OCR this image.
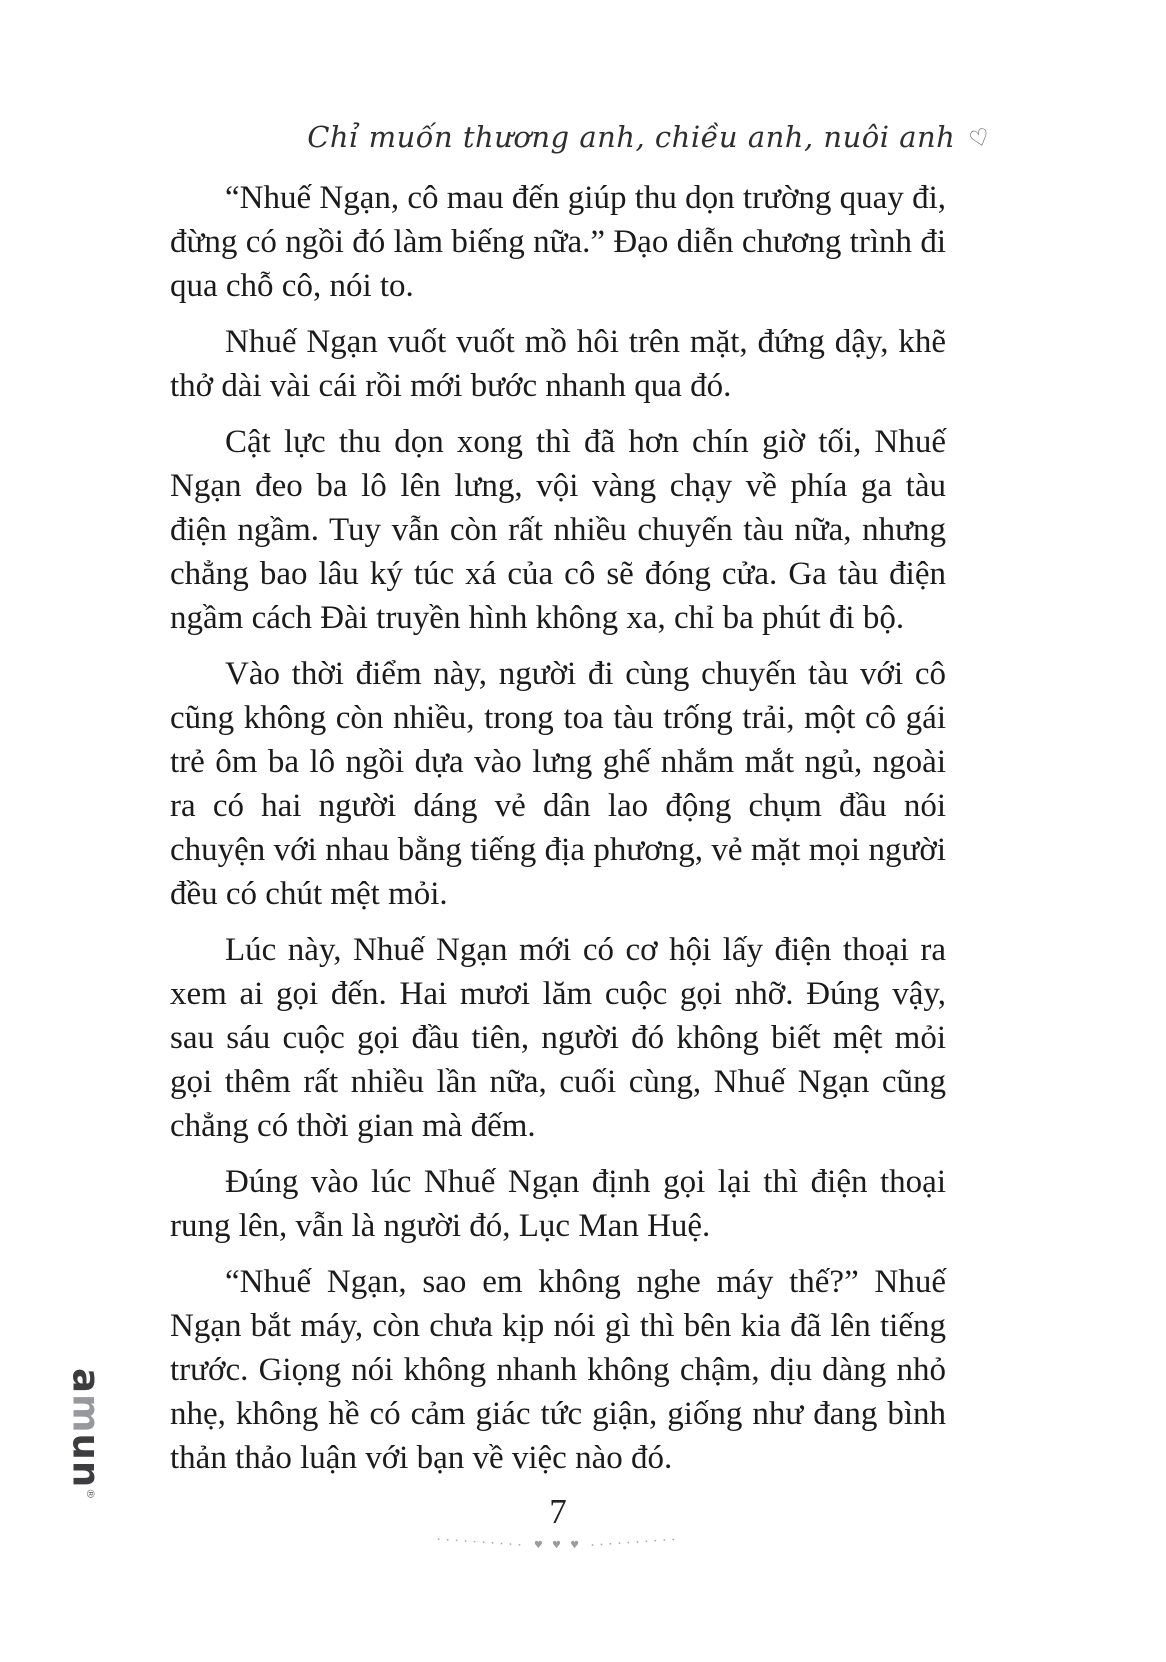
Chỉ muốn thương anh, chiều anh, nuôi anh ♡

“Nhuế Ngạn, cô mau đến giúp thu dọn trường quay đi, đừng có ngồi đó làm biếng nữa.” Đạo diễn chương trình đi qua chỗ cô, nói to.

Nhuế Ngạn vuốt vuốt mồ hôi trên mặt, đứng dậy, khẽ thở dài vài cái rồi mới bước nhanh qua đó.

Cật lực thu dọn xong thì đã hơn chín giờ tối, Nhuế Ngạn đeo ba lô lên lưng, vội vàng chạy về phía ga tàu điện ngầm. Tuy vẫn còn rất nhiều chuyến tàu nữa, nhưng chẳng bao lâu ký túc xá của cô sẽ đóng cửa. Ga tàu điện ngầm cách Đài truyền hình không xa, chỉ ba phút đi bộ.

Vào thời điểm này, người đi cùng chuyến tàu với cô cũng không còn nhiều, trong toa tàu trống trải, một cô gái trẻ ôm ba lô ngồi dựa vào lưng ghế nhắm mắt ngủ, ngoài ra có hai người dáng vẻ dân lao động chụm đầu nói chuyện với nhau bằng tiếng địa phương, vẻ mặt mọi người đều có chút mệt mỏi.

Lúc này, Nhuế Ngạn mới có cơ hội lấy điện thoại ra xem ai gọi đến. Hai mươi lăm cuộc gọi nhỡ. Đúng vậy, sau sáu cuộc gọi đầu tiên, người đó không biết mệt mỏi gọi thêm rất nhiều lần nữa, cuối cùng, Nhuế Ngạn cũng chẳng có thời gian mà đếm.

Đúng vào lúc Nhuế Ngạn định gọi lại thì điện thoại rung lên, vẫn là người đó, Lục Man Huệ.

“Nhuế Ngạn, sao em không nghe máy thế?” Nhuế Ngạn bắt máy, còn chưa kịp nói gì thì bên kia đã lên tiếng trước. Giọng nói không nhanh không chậm, dịu dàng nhỏ nhẹ, không hề có cảm giác tức giận, giống như đang bình thản thảo luận với bạn về việc nào đó.

7
·········· ♥ ♥ ♥ ··········
amun®
